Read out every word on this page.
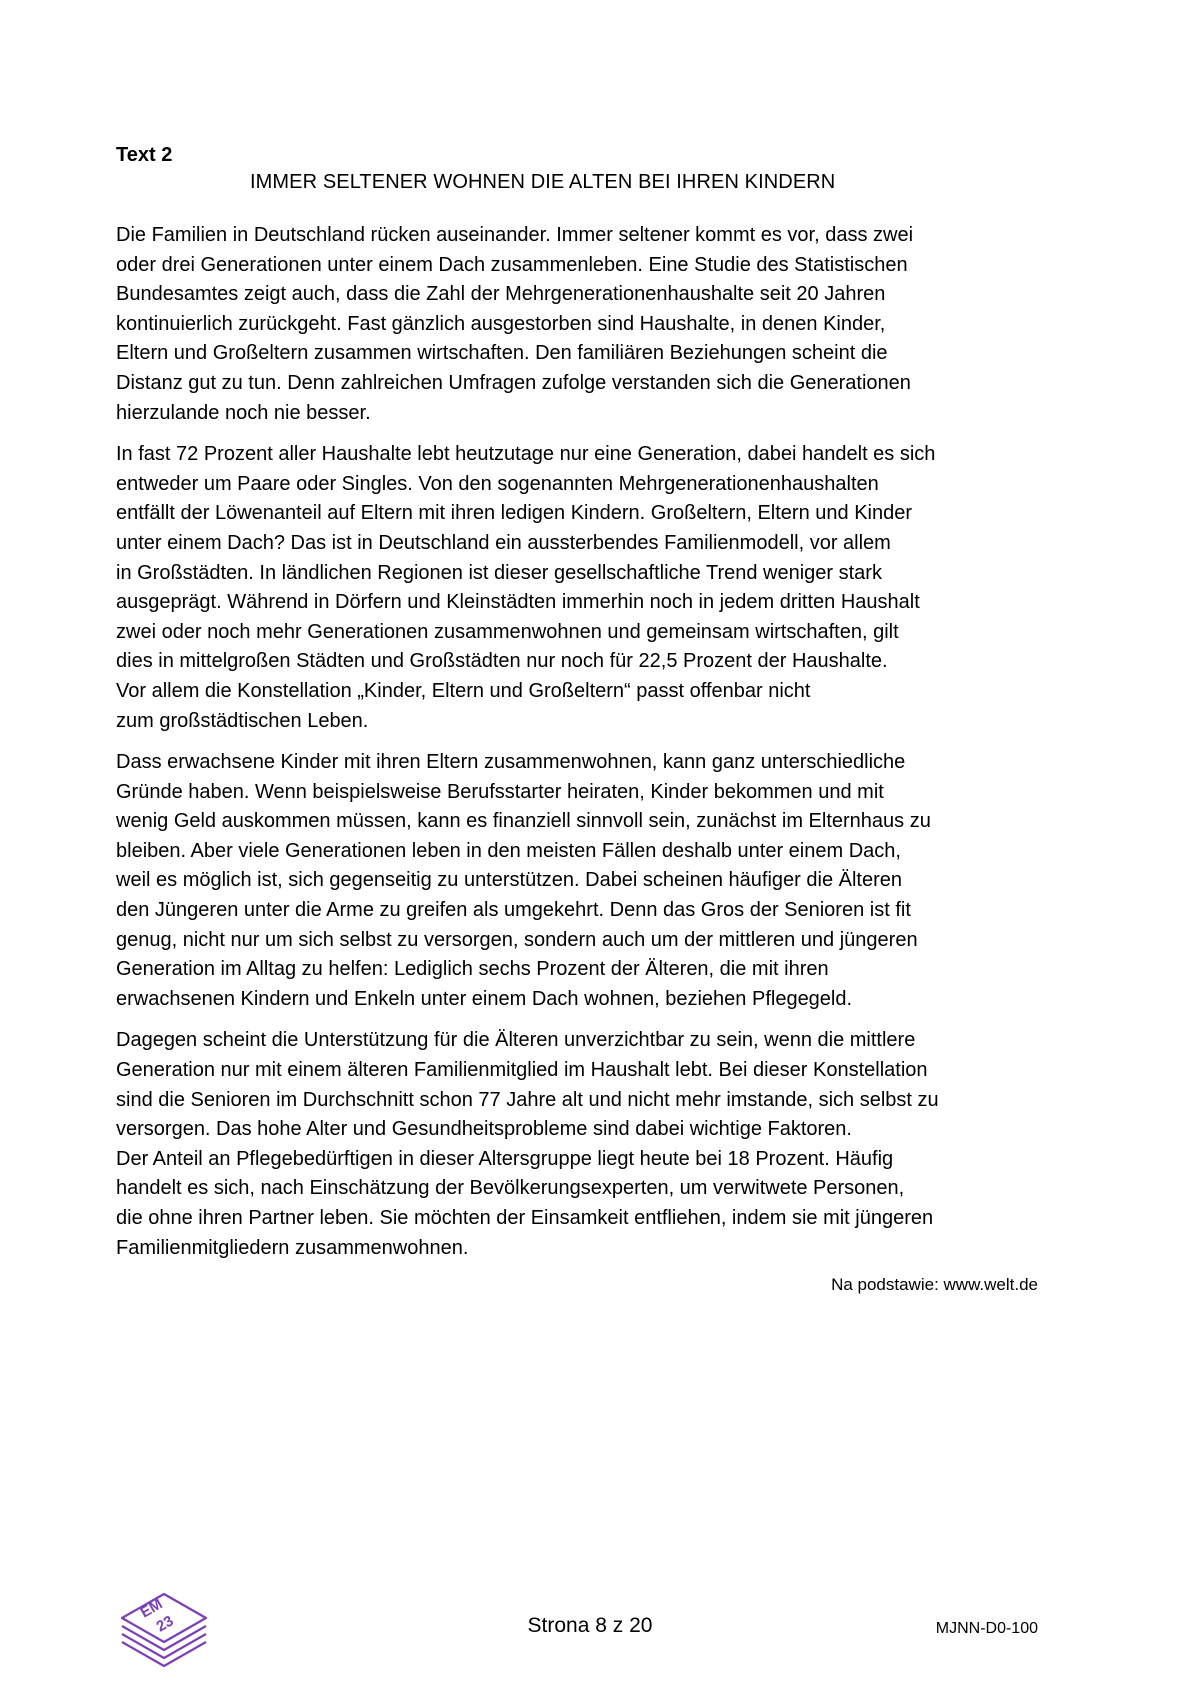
Text 2

IMMER SELTENER WOHNEN DIE ALTEN BEI IHREN KINDERN

Die Familien in Deutschland rücken auseinander. Immer seltener kommt es vor, dass zwei
oder drei Generationen unter einem Dach zusammenleben. Eine Studie des Statistischen
Bundesamtes zeigt auch, dass die Zahl der Mehrgenerationenhaushalte seit 20 Jahren
kontinuierlich zurückgeht. Fast gänzlich ausgestorben sind Haushalte, in denen Kinder,
Eltern und Großeltern zusammen wirtschaften. Den familiären Beziehungen scheint die
Distanz gut zu tun. Denn zahlreichen Umfragen zufolge verstanden sich die Generationen
hierzulande noch nie besser.

In fast 72 Prozent aller Haushalte lebt heutzutage nur eine Generation, dabei handelt es sich
entweder um Paare oder Singles. Von den sogenannten Mehrgenerationenhaushalten
entfällt der Löwenanteil auf Eltern mit ihren ledigen Kindern. Großeltern, Eltern und Kinder
unter einem Dach? Das ist in Deutschland ein aussterbendes Familienmodell, vor allem
in Großstädten. In ländlichen Regionen ist dieser gesellschaftliche Trend weniger stark
ausgeprägt. Während in Dörfern und Kleinstädten immerhin noch in jedem dritten Haushalt
zwei oder noch mehr Generationen zusammenwohnen und gemeinsam wirtschaften, gilt
dies in mittelgroßen Städten und Großstädten nur noch für 22,5 Prozent der Haushalte.
Vor allem die Konstellation „Kinder, Eltern und Großeltern“ passt offenbar nicht
zum großstädtischen Leben.

Dass erwachsene Kinder mit ihren Eltern zusammenwohnen, kann ganz unterschiedliche
Gründe haben. Wenn beispielsweise Berufsstarter heiraten, Kinder bekommen und mit
wenig Geld auskommen müssen, kann es finanziell sinnvoll sein, zunächst im Elternhaus zu
bleiben. Aber viele Generationen leben in den meisten Fällen deshalb unter einem Dach,
weil es möglich ist, sich gegenseitig zu unterstützen. Dabei scheinen häufiger die Älteren
den Jüngeren unter die Arme zu greifen als umgekehrt. Denn das Gros der Senioren ist fit
genug, nicht nur um sich selbst zu versorgen, sondern auch um der mittleren und jüngeren
Generation im Alltag zu helfen: Lediglich sechs Prozent der Älteren, die mit ihren
erwachsenen Kindern und Enkeln unter einem Dach wohnen, beziehen Pflegegeld.

Dagegen scheint die Unterstützung für die Älteren unverzichtbar zu sein, wenn die mittlere
Generation nur mit einem älteren Familienmitglied im Haushalt lebt. Bei dieser Konstellation
sind die Senioren im Durchschnitt schon 77 Jahre alt und nicht mehr imstande, sich selbst zu
versorgen. Das hohe Alter und Gesundheitsprobleme sind dabei wichtige Faktoren.
Der Anteil an Pflegebedürftigen in dieser Altersgruppe liegt heute bei 18 Prozent. Häufig
handelt es sich, nach Einschätzung der Bevölkerungsexperten, um verwitwete Personen,
die ohne ihren Partner leben. Sie möchten der Einsamkeit entfliehen, indem sie mit jüngeren
Familienmitgliedern zusammenwohnen.

Na podstawie: www.welt.de

EM
23	Strona 8 z 20	MJNN-D0-100
